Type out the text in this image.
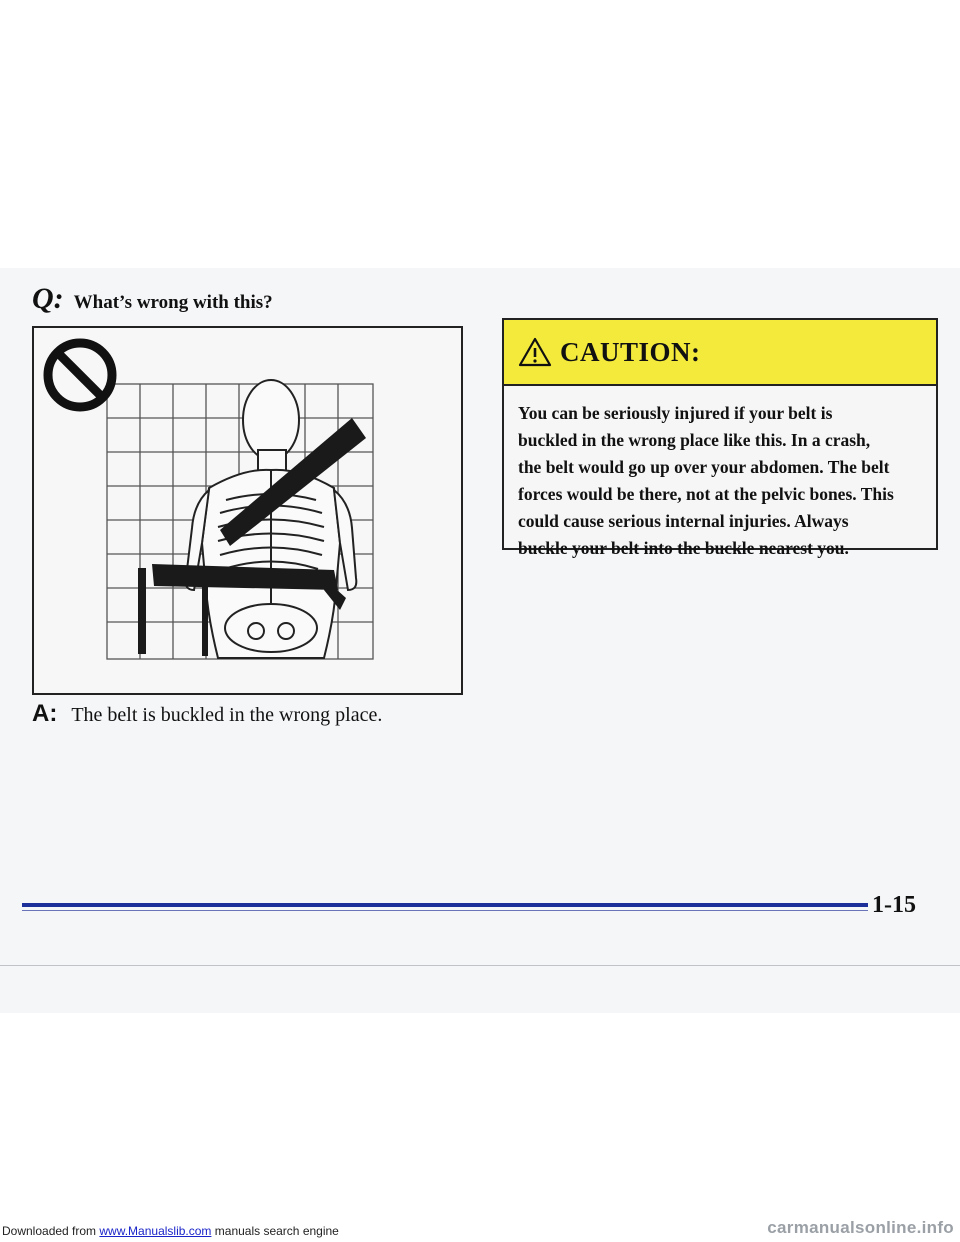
Q: What’s wrong with this?
A: The belt is buckled in the wrong place.
CAUTION:
You can be seriously injured if your belt is
buckled in the wrong place like this. In a crash,
the belt would go up over your abdomen. The belt
forces would be there, not at the pelvic bones. This
could cause serious internal injuries. Always
buckle your belt into the buckle nearest you.
1-15
Downloaded from www.Manualslib.com manuals search engine	carmanualsonline.info
